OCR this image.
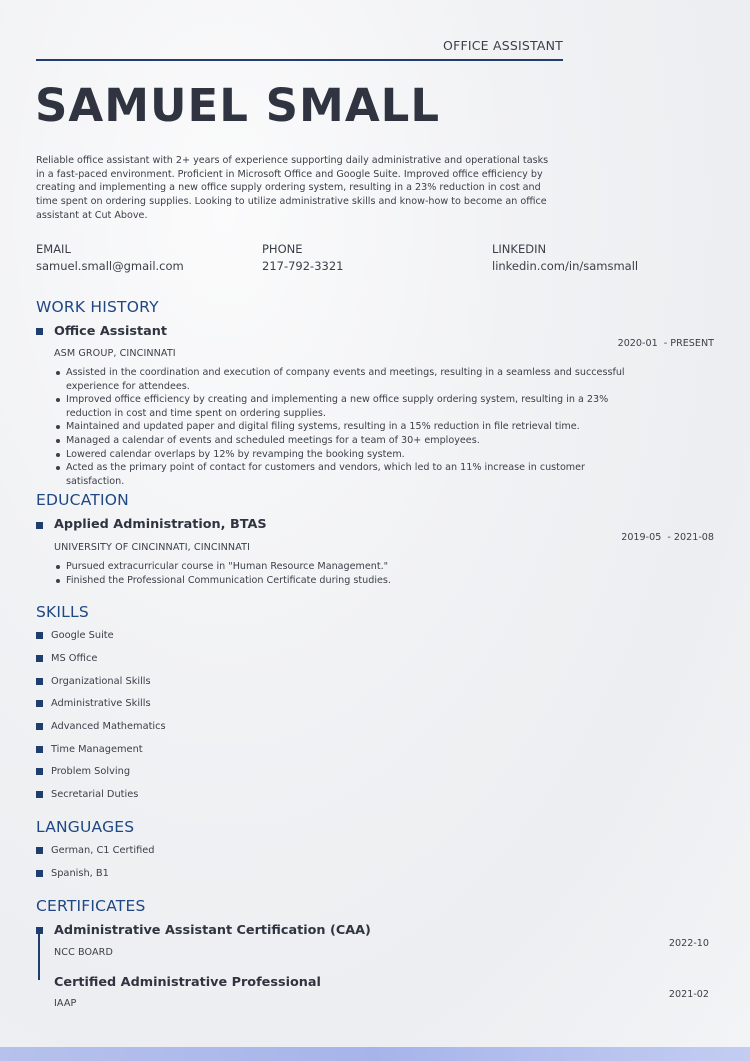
OFFICE ASSISTANT
SAMUEL SMALL
Reliable office assistant with 2+ years of experience supporting daily administrative and operational tasks in a fast-paced environment. Proficient in Microsoft Office and Google Suite. Improved office efficiency by creating and implementing a new office supply ordering system, resulting in a 23% reduction in cost and time spent on ordering supplies. Looking to utilize administrative skills and know-how to become an office assistant at Cut Above.
EMAIL
samuel.small@gmail.com
PHONE
217-792-3321
LINKEDIN
linkedin.com/in/samsmall
WORK HISTORY
Office Assistant
ASM GROUP, CINCINNATI
2020-01  - PRESENT
Assisted in the coordination and execution of company events and meetings, resulting in a seamless and successful experience for attendees.
Improved office efficiency by creating and implementing a new office supply ordering system, resulting in a 23% reduction in cost and time spent on ordering supplies.
Maintained and updated paper and digital filing systems, resulting in a 15% reduction in file retrieval time.
Managed a calendar of events and scheduled meetings for a team of 30+ employees.
Lowered calendar overlaps by 12% by revamping the booking system.
Acted as the primary point of contact for customers and vendors, which led to an 11% increase in customer satisfaction.
EDUCATION
Applied Administration, BTAS
UNIVERSITY OF CINCINNATI, CINCINNATI
2019-05  - 2021-08
Pursued extracurricular course in "Human Resource Management."
Finished the Professional Communication Certificate during studies.
SKILLS
Google Suite
MS Office
Organizational Skills
Administrative Skills
Advanced Mathematics
Time Management
Problem Solving
Secretarial Duties
LANGUAGES
German, C1 Certified
Spanish, B1
CERTIFICATES
Administrative Assistant Certification (CAA)
NCC BOARD
2022-10
Certified Administrative Professional
IAAP
2021-02
